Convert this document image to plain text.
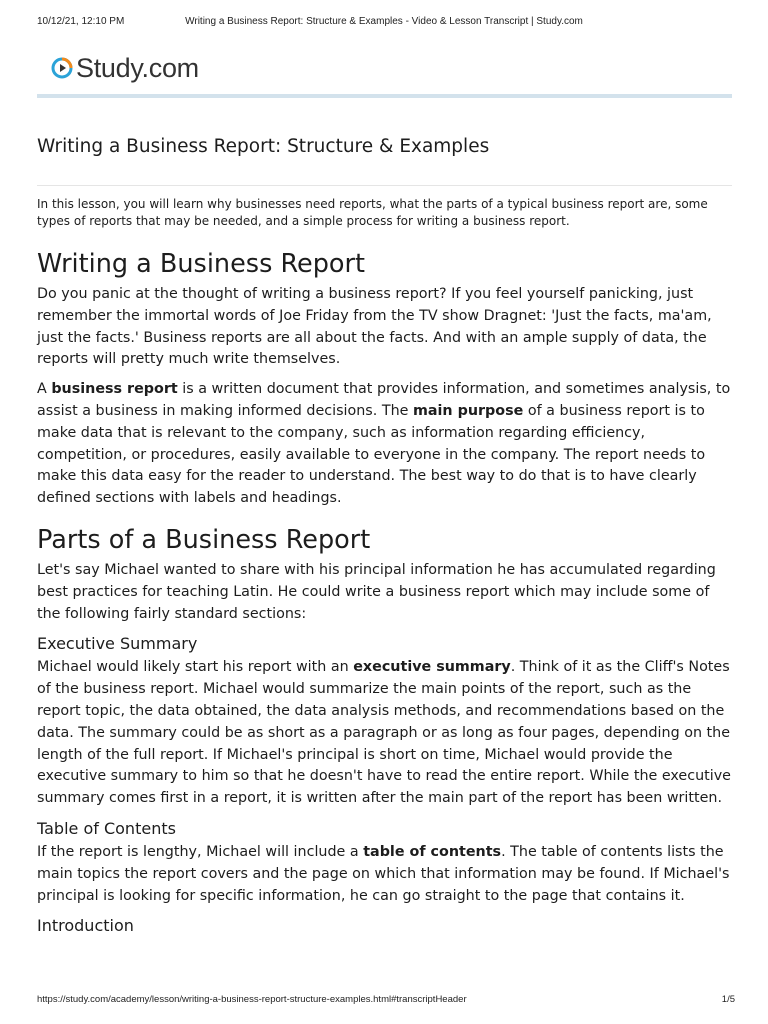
10/12/21, 12:10 PM	Writing a Business Report: Structure & Examples - Video & Lesson Transcript | Study.com
Study.com
Writing a Business Report: Structure & Examples

In this lesson, you will learn why businesses need reports, what the parts of a typical business report are, some types of reports that may be needed, and a simple process for writing a business report.

Writing a Business Report

Do you panic at the thought of writing a business report? If you feel yourself panicking, just remember the immortal words of Joe Friday from the TV show Dragnet: 'Just the facts, ma'am, just the facts.' Business reports are all about the facts. And with an ample supply of data, the reports will pretty much write themselves.

A business report is a written document that provides information, and sometimes analysis, to assist a business in making informed decisions. The main purpose of a business report is to make data that is relevant to the company, such as information regarding efficiency, competition, or procedures, easily available to everyone in the company. The report needs to make this data easy for the reader to understand. The best way to do that is to have clearly defined sections with labels and headings.

Parts of a Business Report

Let's say Michael wanted to share with his principal information he has accumulated regarding best practices for teaching Latin. He could write a business report which may include some of the following fairly standard sections:

Executive Summary

Michael would likely start his report with an executive summary. Think of it as the Cliff's Notes of the business report. Michael would summarize the main points of the report, such as the report topic, the data obtained, the data analysis methods, and recommendations based on the data. The summary could be as short as a paragraph or as long as four pages, depending on the length of the full report. If Michael's principal is short on time, Michael would provide the executive summary to him so that he doesn't have to read the entire report. While the executive summary comes first in a report, it is written after the main part of the report has been written.

Table of Contents

If the report is lengthy, Michael will include a table of contents. The table of contents lists the main topics the report covers and the page on which that information may be found. If Michael's principal is looking for specific information, he can go straight to the page that contains it.

Introduction
https://study.com/academy/lesson/writing-a-business-report-structure-examples.html#transcriptHeader	1/5
